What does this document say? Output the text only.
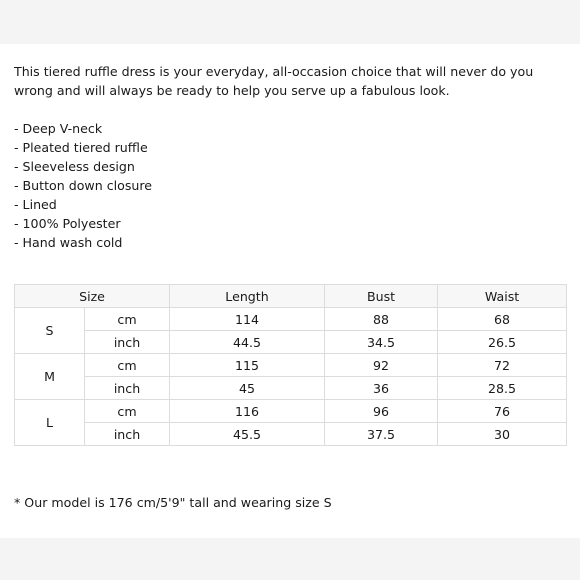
This tiered ruffle dress is your everyday, all-occasion choice that will never do you
wrong and will always be ready to help you serve up a fabulous look.

- Deep V-neck
- Pleated tiered ruffle
- Sleeveless design
- Button down closure
- Lined
- 100% Polyester
- Hand wash cold
Size		Length	Bust	Waist
S	cm	114	88	68
	inch	44.5	34.5	26.5
M	cm	115	92	72
	inch	45	36	28.5
L	cm	116	96	76
	inch	45.5	37.5	30

* Our model is 176 cm/5'9" tall and wearing size S
